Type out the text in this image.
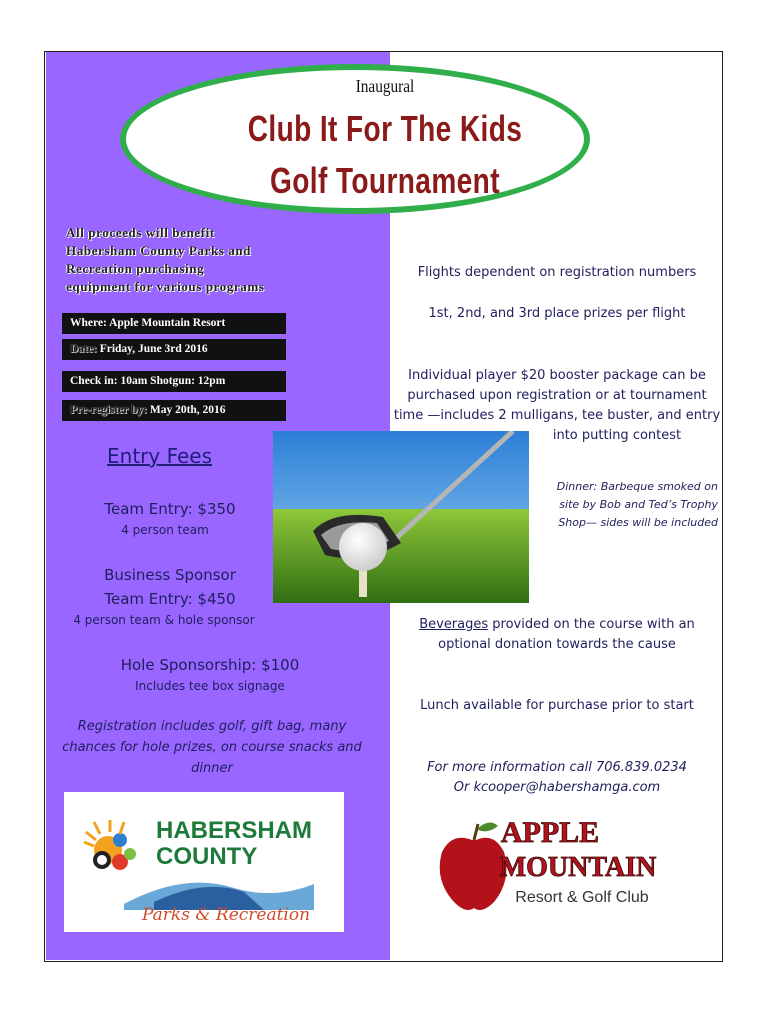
Inaugural
Club It For The Kids
Golf Tournament
All proceeds will benefit
Habersham County Parks and
Recreation purchasing
equipment for various programs
Where: Apple Mountain Resort
Date: Friday, June 3rd 2016
Check in: 10am Shotgun: 12pm
Pre-register by: May 20th, 2016
Entry Fees
Team Entry: $350
4 person team
Business Sponsor
Team Entry: $450
4 person team & hole sponsor
Hole Sponsorship: $100
Includes tee box signage
Registration includes golf, gift bag, many chances for hole prizes, on course snacks and dinner
HABERSHAM
COUNTY
Parks & Recreation
Flights dependent on registration numbers
1st, 2nd, and 3rd place prizes per flight
Individual player $20 booster package can be
purchased upon registration or at tournament
time —includes 2 mulligans, tee buster, and entry
into putting contest
Dinner: Barbeque smoked on
site by Bob and Ted’s Trophy
Shop— sides will be included
Beverages provided on the course with an
optional donation towards the cause
Lunch available for purchase prior to start
For more information call 706.839.0234
Or kcooper@habershamga.com
APPLE
MOUNTAIN
Resort & Golf Club
